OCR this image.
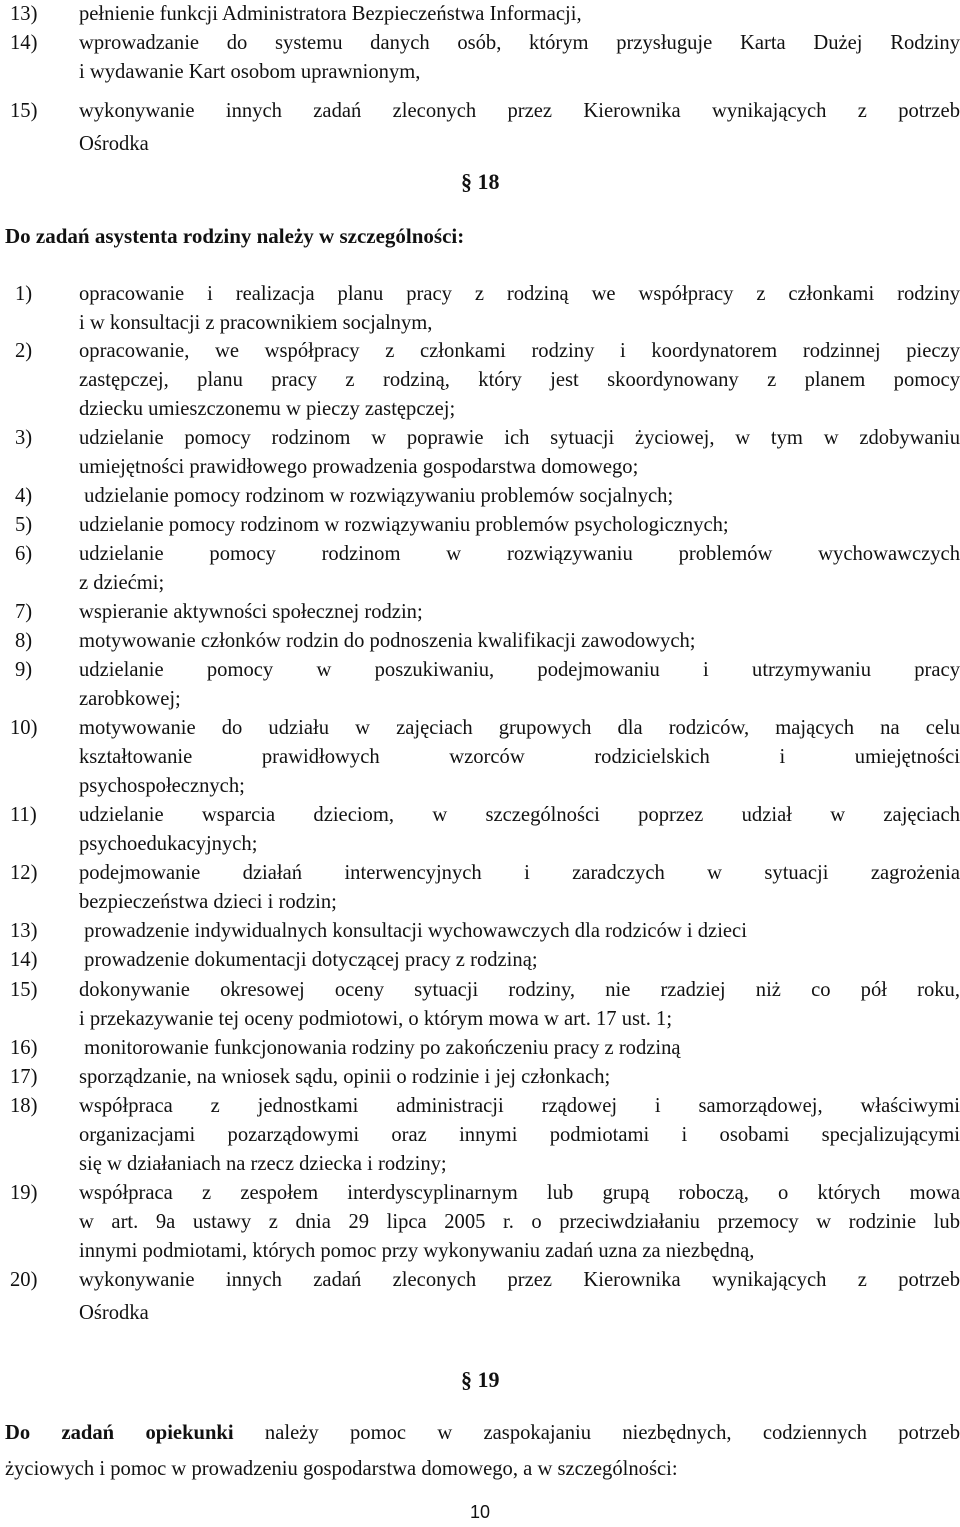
13) pełnienie funkcji Administratora Bezpieczeństwa Informacji,
14) wprowadzanie do systemu danych osób, którym przysługuje Karta Dużej Rodziny
i wydawanie Kart osobom uprawnionym,
15) wykonywanie innych zadań zleconych przez Kierownika wynikających z potrzeb
Ośrodka
§ 18
Do zadań asystenta rodziny należy w szczególności:
1) opracowanie i realizacja planu pracy z rodziną we współpracy z członkami rodziny
i w konsultacji z pracownikiem socjalnym,
2) opracowanie, we współpracy z członkami rodziny i koordynatorem rodzinnej pieczy
zastępczej, planu pracy z rodziną, który jest skoordynowany z planem pomocy
dziecku umieszczonemu w pieczy zastępczej;
3) udzielanie pomocy rodzinom w poprawie ich sytuacji życiowej, w tym w zdobywaniu
umiejętności prawidłowego prowadzenia gospodarstwa domowego;
4) udzielanie pomocy rodzinom w rozwiązywaniu problemów socjalnych;
5) udzielanie pomocy rodzinom w rozwiązywaniu problemów psychologicznych;
6) udzielanie pomocy rodzinom w rozwiązywaniu problemów wychowawczych
z dziećmi;
7) wspieranie aktywności społecznej rodzin;
8) motywowanie członków rodzin do podnoszenia kwalifikacji zawodowych;
9) udzielanie pomocy w poszukiwaniu, podejmowaniu i utrzymywaniu pracy
zarobkowej;
10) motywowanie do udziału w zajęciach grupowych dla rodziców, mających na celu
kształtowanie prawidłowych wzorców rodzicielskich i umiejętności
psychospołecznych;
11) udzielanie wsparcia dzieciom, w szczególności poprzez udział w zajęciach
psychoedukacyjnych;
12) podejmowanie działań interwencyjnych i zaradczych w sytuacji zagrożenia
bezpieczeństwa dzieci i rodzin;
13) prowadzenie indywidualnych konsultacji wychowawczych dla rodziców i dzieci
14) prowadzenie dokumentacji dotyczącej pracy z rodziną;
15) dokonywanie okresowej oceny sytuacji rodziny, nie rzadziej niż co pół roku,
i przekazywanie tej oceny podmiotowi, o którym mowa w art. 17 ust. 1;
16) monitorowanie funkcjonowania rodziny po zakończeniu pracy z rodziną
17) sporządzanie, na wniosek sądu, opinii o rodzinie i jej członkach;
18) współpraca z jednostkami administracji rządowej i samorządowej, właściwymi
organizacjami pozarządowymi oraz innymi podmiotami i osobami specjalizującymi
się w działaniach na rzecz dziecka i rodziny;
19) współpraca z zespołem interdyscyplinarnym lub grupą roboczą, o których mowa
w art. 9a ustawy z dnia 29 lipca 2005 r. o przeciwdziałaniu przemocy w rodzinie lub
innymi podmiotami, których pomoc przy wykonywaniu zadań uzna za niezbędną,
20) wykonywanie innych zadań zleconych przez Kierownika wynikających z potrzeb
Ośrodka
§ 19
Do zadań opiekunki należy pomoc w zaspokajaniu niezbędnych, codziennych potrzeb
życiowych i pomoc w prowadzeniu gospodarstwa domowego, a w szczególności:
10
